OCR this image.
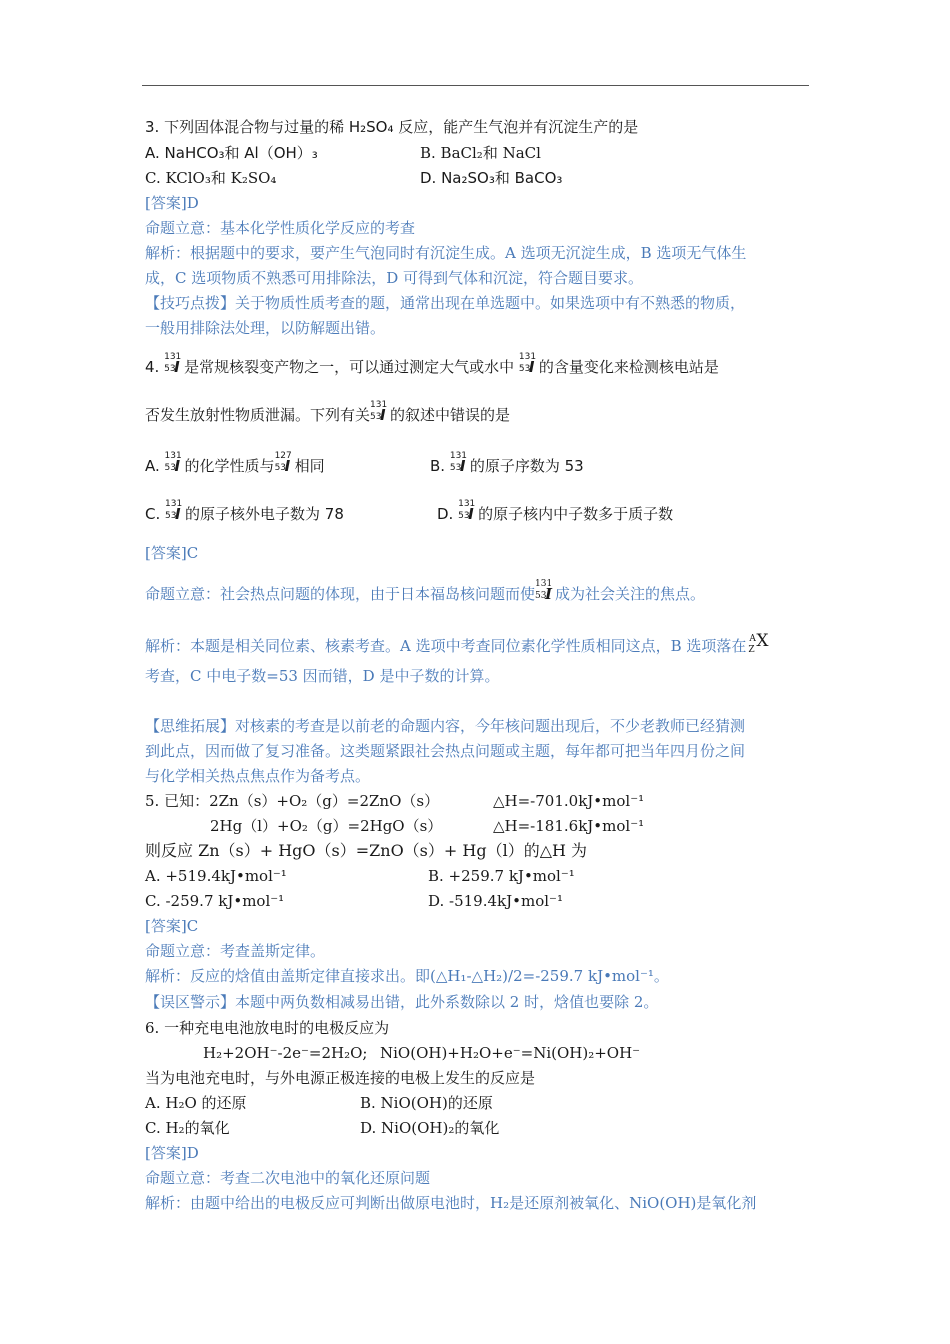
3. 下列固体混合物与过量的稀 H₂SO₄ 反应，能产生气泡并有沉淀生产的是
A. NaHCO₃和 Al（OH）₃	B. BaCl₂和 NaCl
C. KClO₃和 K₂SO₄	D. Na₂SO₃和 BaCO₃
[答案]D
命题立意：基本化学性质化学反应的考查
解析：根据题中的要求，要产生气泡同时有沉淀生成。A 选项无沉淀生成，B 选项无气体生
成，C 选项物质不熟悉可用排除法，D 可得到气体和沉淀，符合题目要求。
【技巧点拨】关于物质性质考查的题，通常出现在单选题中。如果选项中有不熟悉的物质，
一般用排除法处理，以防解题出错。
4.
131
53
I 是常规核裂变产物之一，可以通过测定大气或水中
131
53
I 的含量变化来检测核电站是
否发生放射性物质泄漏。下列有关
131
53
I 的叙述中错误的是
A.
131
53
I 的化学性质与
127
53
I 相同	B.
131
53
I 的原子序数为 53
C.
131
53
I 的原子核外电子数为 78	D.
131
53
I 的原子核内中子数多于质子数
[答案]C
命题立意：社会热点问题的体现，由于日本福岛核问题而使
131
53
I 成为社会关注的焦点。
解析：本题是相关同位素、核素考查。A 选项中考查同位素化学性质相同这点，B 选项落在 A
Z X
考查，C 中电子数=53 因而错，D 是中子数的计算。
【思维拓展】对核素的考查是以前老的命题内容，今年核问题出现后，不少老教师已经猜测
到此点，因而做了复习准备。这类题紧跟社会热点问题或主题，每年都可把当年四月份之间
与化学相关热点焦点作为备考点。
5. 已知：2Zn（s）+O₂（g）=2ZnO（s）	△H=-701.0kJ•mol⁻¹
2Hg（l）+O₂（g）=2HgO（s）	△H=-181.6kJ•mol⁻¹
则反应 Zn（s）+ HgO（s）=ZnO（s）+ Hg（l）的△H 为
A. +519.4kJ•mol⁻¹	B. +259.7 kJ•mol⁻¹
C. -259.7 kJ•mol⁻¹	D. -519.4kJ•mol⁻¹
[答案]C
命题立意：考查盖斯定律。
解析：反应的焓值由盖斯定律直接求出。即(△H₁-△H₂)/2=-259.7 kJ•mol⁻¹。
【误区警示】本题中两负数相减易出错，此外系数除以 2 时，焓值也要除 2。
6. 一种充电电池放电时的电极反应为
H₂+2OH⁻-2e⁻=2H₂O; NiO(OH)+H₂O+e⁻=Ni(OH)₂+OH⁻
当为电池充电时，与外电源正极连接的电极上发生的反应是
A. H₂O 的还原	B. NiO(OH)的还原
C. H₂的氧化	D. NiO(OH)₂的氧化
[答案]D
命题立意：考查二次电池中的氧化还原问题
解析：由题中给出的电极反应可判断出做原电池时，H₂是还原剂被氧化、NiO(OH)是氧化剂
